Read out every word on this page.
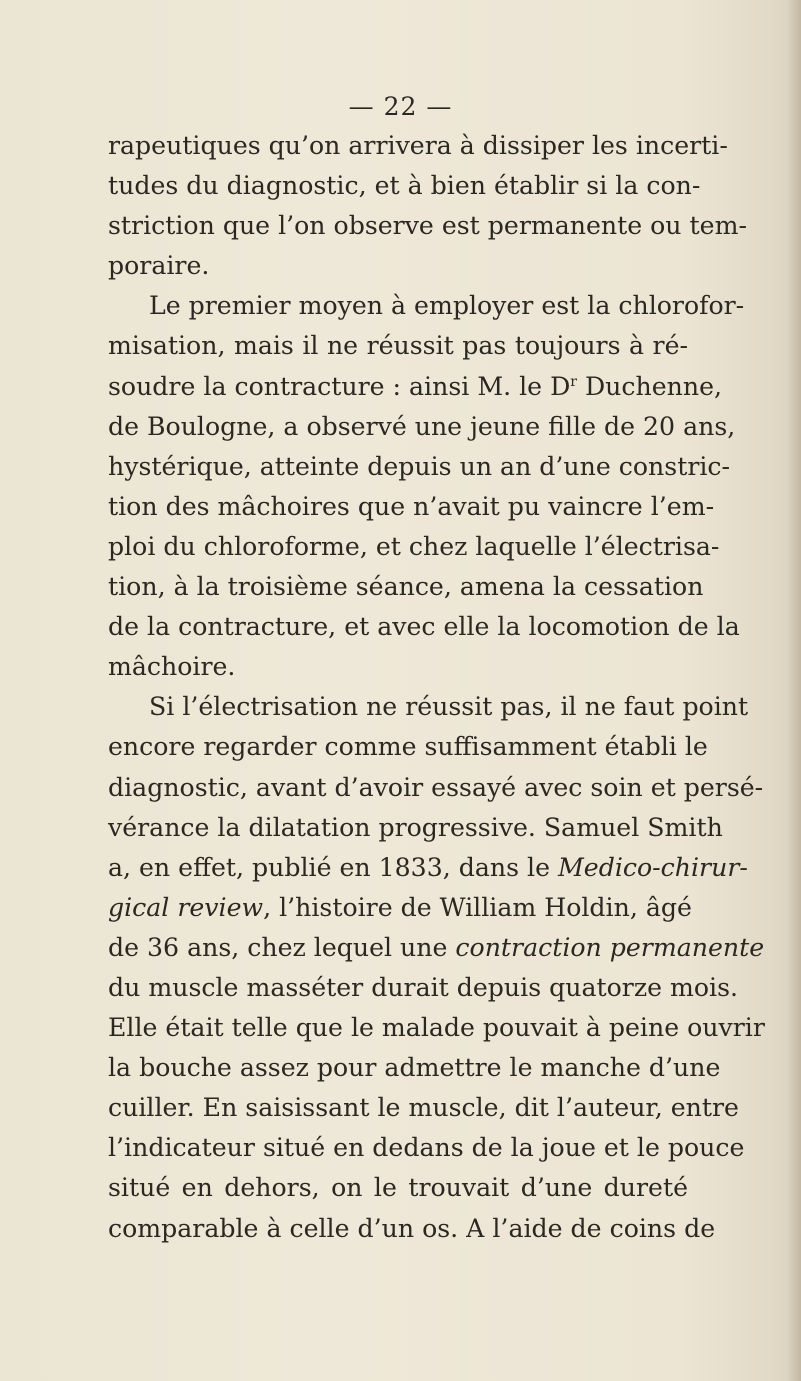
— 22 —
rapeutiques qu’on arrivera à dissiper les incerti-
tudes du diagnostic, et à bien établir si la con-
striction que l’on observe est permanente ou tem-
poraire.
Le premier moyen à employer est la chlorofor-
misation, mais il ne réussit pas toujours à ré-
soudre la contracture : ainsi M. le $D^r$ Duchenne,
de Boulogne, a observé une jeune fille de 20 ans,
hystérique, atteinte depuis un an d’une constric-
tion des mâchoires que n’avait pu vaincre l’em-
ploi du chloroforme, et chez laquelle l’électrisa-
tion, à la troisième séance, amena la cessation
de la contracture, et avec elle la locomotion de la
mâchoire.
Si l’électrisation ne réussit pas, il ne faut point
encore regarder comme suffisamment établi le
diagnostic, avant d’avoir essayé avec soin et persé-
vérance la dilatation progressive. Samuel Smith
a, en effet, publié en 1833, dans le Medico-chirur-
gical review, l’histoire de William Holdin, âgé
de 36 ans, chez lequel une contraction permanente
du muscle masséter durait depuis quatorze mois.
Elle était telle que le malade pouvait à peine ouvrir
la bouche assez pour admettre le manche d’une
cuiller. En saisissant le muscle, dit l’auteur, entre
l’indicateur situé en dedans de la joue et le pouce
situé en dehors, on le trouvait d’une dureté
comparable à celle d’un os. A l’aide de coins de
